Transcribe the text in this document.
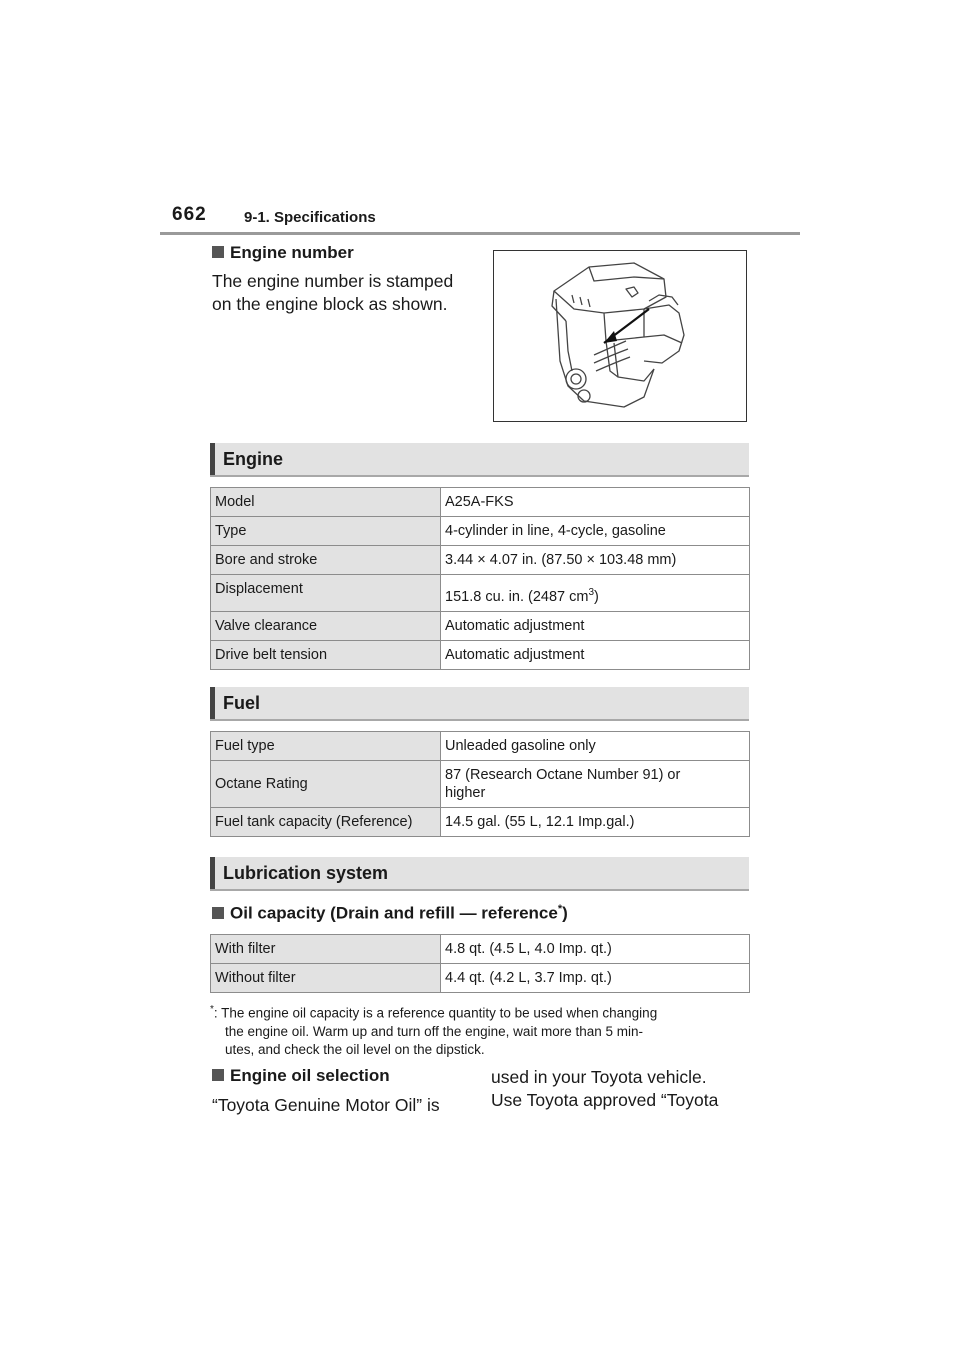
662 9-1. Specifications
Engine number
The engine number is stamped
on the engine block as shown.
Engine
Model	A25A-FKS
Type	4-cylinder in line, 4-cycle, gasoline
Bore and stroke	3.44 × 4.07 in. (87.50 × 103.48 mm)
Displacement	151.8 cu. in. (2487 $cm^3$)
Valve clearance	Automatic adjustment
Drive belt tension	Automatic adjustment
Fuel
Fuel type	Unleaded gasoline only
Octane Rating	87 (Research Octane Number 91) or
higher

Fuel tank capacity (Reference)	14.5 gal. (55 L, 12.1 Imp.gal.)
Lubrication system
Oil capacity (Drain and refill — reference*)
With filter	4.8 qt. (4.5 L, 4.0 Imp. qt.)
Without filter	4.4 qt. (4.2 L, 3.7 Imp. qt.)
*: The engine oil capacity is a reference quantity to be used when changing
the engine oil. Warm up and turn off the engine, wait more than 5 min-
utes, and check the oil level on the dipstick.
Engine oil selection
“Toyota Genuine Motor Oil” is
used in your Toyota vehicle.
Use Toyota approved “Toyota
